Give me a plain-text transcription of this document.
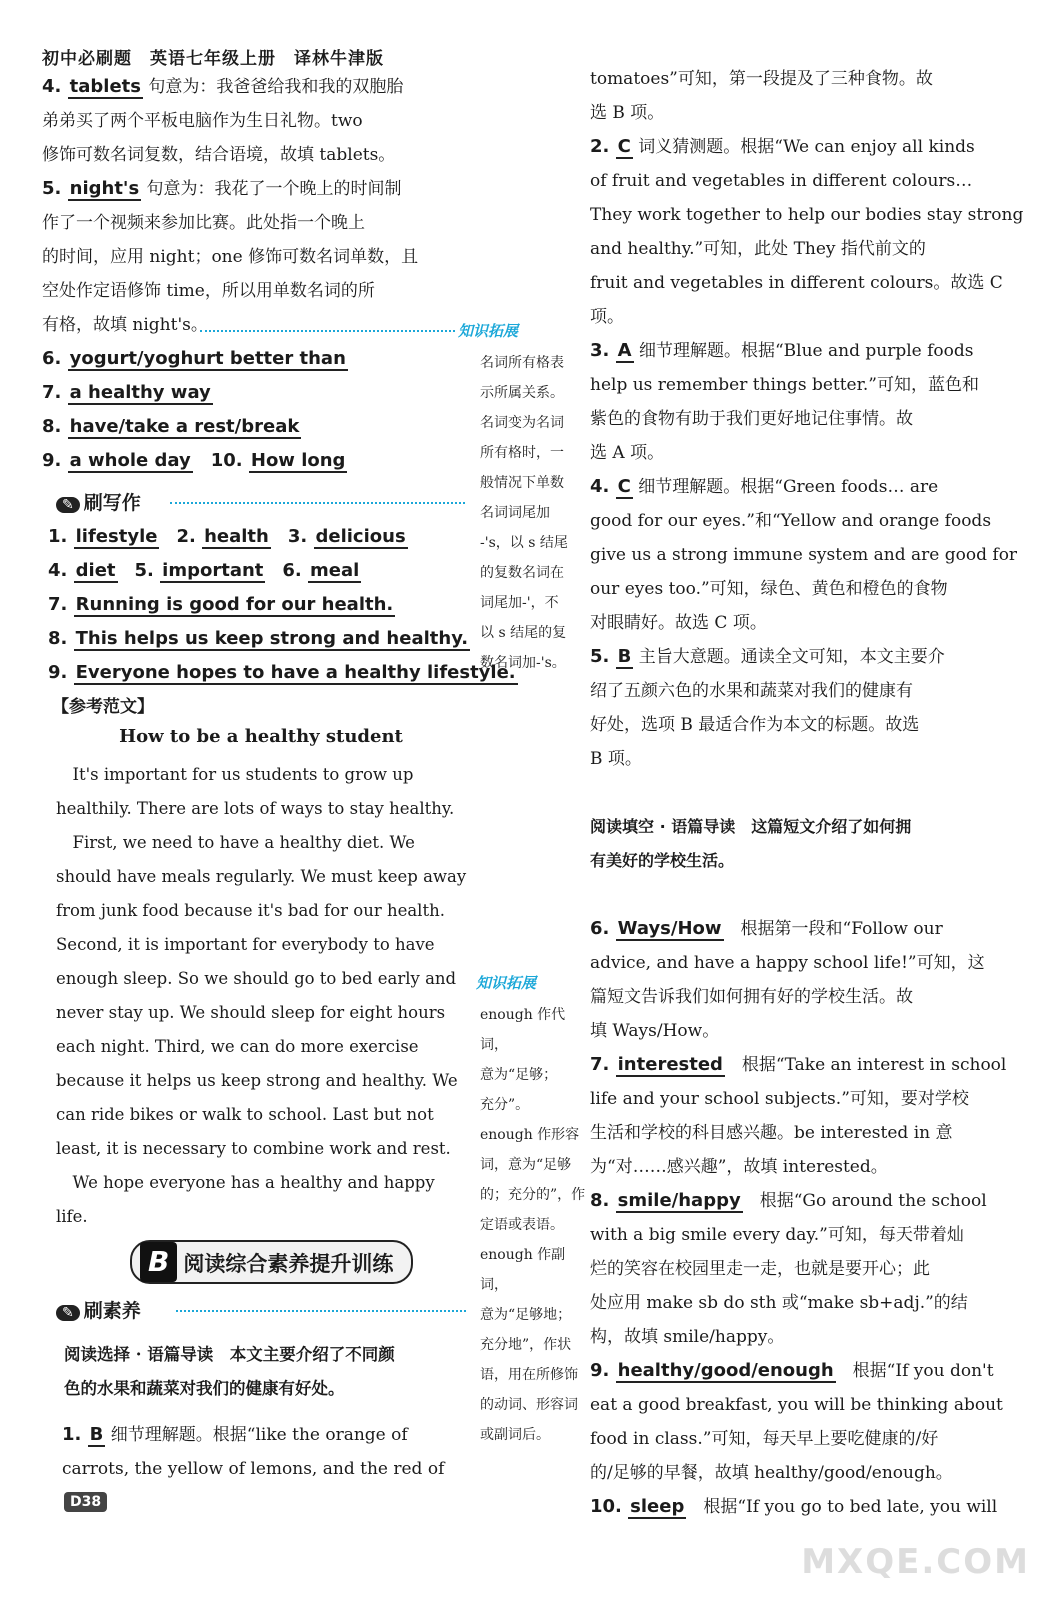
初中必刷题　英语七年级上册　译林牛津版
4. tablets 句意为：我爸爸给我和我的双胞胎
弟弟买了两个平板电脑作为生日礼物。two
修饰可数名词复数，结合语境，故填 tablets。
5. night's 句意为：我花了一个晚上的时间制
作了一个视频来参加比赛。此处指一个晚上
的时间，应用 night；one 修饰可数名词单数，且
空处作定语修饰 time，所以用单数名词的所
有格，故填 night's。
6. yogurt/yoghurt better than
7. a healthy way
8. have/take a rest/break
9. a whole day　10. How long
✎ 刷写作
1. lifestyle　 2. health　 3. delicious
4. diet　 5. important　 6. meal
7. Running is good for our health.
8. This helps us keep strong and healthy.
9. Everyone hopes to have a healthy lifestyle.
【参考范文】
How to be a healthy student
　It's important for us students to grow up
healthily. There are lots of ways to stay healthy.
　First, we need to have a healthy diet. We
should have meals regularly. We must keep away
from junk food because it's bad for our health.
Second, it is important for everybody to have
enough sleep. So we should go to bed early and
never stay up. We should sleep for eight hours
each night. Third, we can do more exercise
because it helps us keep strong and healthy. We
can ride bikes or walk to school. Last but not
least, it is necessary to combine work and rest.
　We hope everyone has a healthy and happy
life.
B 阅读综合素养提升训练
✎ 刷素养
阅读选择 · 语篇导读　本文主要介绍了不同颜
色的水果和蔬菜对我们的健康有好处。
1. B 细节理解题。根据“like the orange of
carrots, the yellow of lemons, and the red of
知识拓展
名词所有格表
示所属关系。
名词变为名词
所有格时，一
般情况下单数
名词词尾加
-'s，以 s 结尾
的复数名词在
词尾加-'，不
以 s 结尾的复
数名词加-'s。
知识拓展
enough 作代词，
意为“足够；
充分”。
enough 作形容
词，意为“足够
的；充分的”，作
定语或表语。
enough 作副词，
意为“足够地；
充分地”，作状
语，用在所修饰
的动词、形容词
或副词后。
tomatoes”可知，第一段提及了三种食物。故
选 B 项。
2. C 词义猜测题。根据“We can enjoy all kinds
of fruit and vegetables in different colours…
They work together to help our bodies stay strong
and healthy.”可知，此处 They 指代前文的
fruit and vegetables in different colours。故选 C
项。
3. A 细节理解题。根据“Blue and purple foods
help us remember things better.”可知，蓝色和
紫色的食物有助于我们更好地记住事情。故
选 A 项。
4. C 细节理解题。根据“Green foods… are
good for our eyes.”和“Yellow and orange foods
give us a strong immune system and are good for
our eyes too.”可知，绿色、黄色和橙色的食物
对眼睛好。故选 C 项。
5. B 主旨大意题。通读全文可知，本文主要介
绍了五颜六色的水果和蔬菜对我们的健康有
好处，选项 B 最适合作为本文的标题。故选
B 项。
阅读填空 · 语篇导读　这篇短文介绍了如何拥
有美好的学校生活。
6. Ways/How　根据第一段和“Follow our
advice, and have a happy school life!”可知，这
篇短文告诉我们如何拥有好的学校生活。故
填 Ways/How。
7. interested　根据“Take an interest in school
life and your school subjects.”可知，要对学校
生活和学校的科目感兴趣。be interested in 意
为“对……感兴趣”，故填 interested。
8. smile/happy　根据“Go around the school
with a big smile every day.”可知，每天带着灿
烂的笑容在校园里走一走，也就是要开心；此
处应用 make sb do sth 或“make sb+adj.”的结
构，故填 smile/happy。
9. healthy/good/enough　根据“If you don't
eat a good breakfast, you will be thinking about
food in class.”可知，每天早上要吃健康的/好
的/足够的早餐，故填 healthy/good/enough。
10. sleep　根据“If you go to bed late, you will
D38
MXQE.COM
